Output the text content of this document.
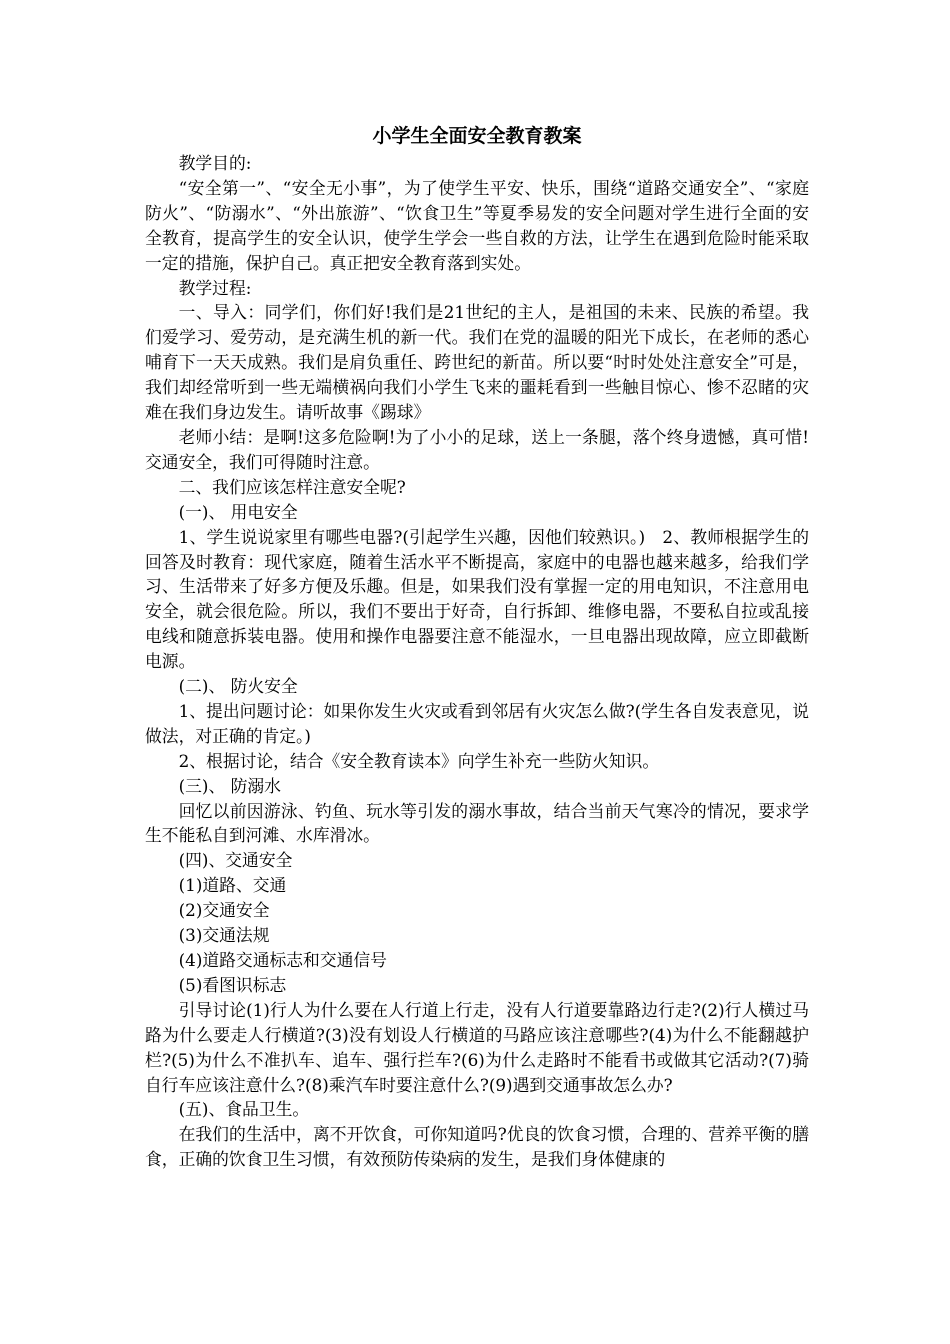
小学生全面安全教育教案

教学目的:

“安全第一”、“安全无小事”，为了使学生平安、快乐，围绕“道路交通安全”、“家庭防火”、“防溺水”、“外出旅游”、“饮食卫生”等夏季易发的安全问题对学生进行全面的安全教育，提高学生的安全认识，使学生学会一些自救的方法，让学生在遇到危险时能采取一定的措施，保护自己。真正把安全教育落到实处。

教学过程:

一、导入：同学们，你们好!我们是21世纪的主人，是祖国的未来、民族的希望。我们爱学习、爱劳动，是充满生机的新一代。我们在党的温暖的阳光下成长，在老师的悉心哺育下一天天成熟。我们是肩负重任、跨世纪的新苗。所以要“时时处处注意安全”可是，我们却经常听到一些无端横祸向我们小学生飞来的噩耗看到一些触目惊心、惨不忍睹的灾难在我们身边发生。请听故事《踢球》

老师小结：是啊!这多危险啊!为了小小的足球，送上一条腿，落个终身遗憾，真可惜!交通安全，我们可得随时注意。

二、我们应该怎样注意安全呢?

(一)、 用电安全

1、学生说说家里有哪些电器?(引起学生兴趣，因他们较熟识。)　2、教师根据学生的回答及时教育：现代家庭，随着生活水平不断提高，家庭中的电器也越来越多，给我们学习、生活带来了好多方便及乐趣。但是，如果我们没有掌握一定的用电知识，不注意用电安全，就会很危险。所以，我们不要出于好奇，自行拆卸、维修电器，不要私自拉或乱接电线和随意拆装电器。使用和操作电器要注意不能湿水，一旦电器出现故障，应立即截断电源。

(二)、 防火安全

1、提出问题讨论：如果你发生火灾或看到邻居有火灾怎么做?(学生各自发表意见，说做法，对正确的肯定。)

2、根据讨论，结合《安全教育读本》向学生补充一些防火知识。

(三)、 防溺水

回忆以前因游泳、钓鱼、玩水等引发的溺水事故，结合当前天气寒冷的情况，要求学生不能私自到河滩、水库滑冰。

(四)、交通安全

(1)道路、交通

(2)交通安全

(3)交通法规

(4)道路交通标志和交通信号

(5)看图识标志

引导讨论(1)行人为什么要在人行道上行走，没有人行道要靠路边行走?(2)行人横过马路为什么要走人行横道?(3)没有划设人行横道的马路应该注意哪些?(4)为什么不能翻越护栏?(5)为什么不准扒车、追车、强行拦车?(6)为什么走路时不能看书或做其它活动?(7)骑自行车应该注意什么?(8)乘汽车时要注意什么?(9)遇到交通事故怎么办?

(五)、食品卫生。

在我们的生活中，离不开饮食，可你知道吗?优良的饮食习惯，合理的、营养平衡的膳食，正确的饮食卫生习惯，有效预防传染病的发生，是我们身体健康的
